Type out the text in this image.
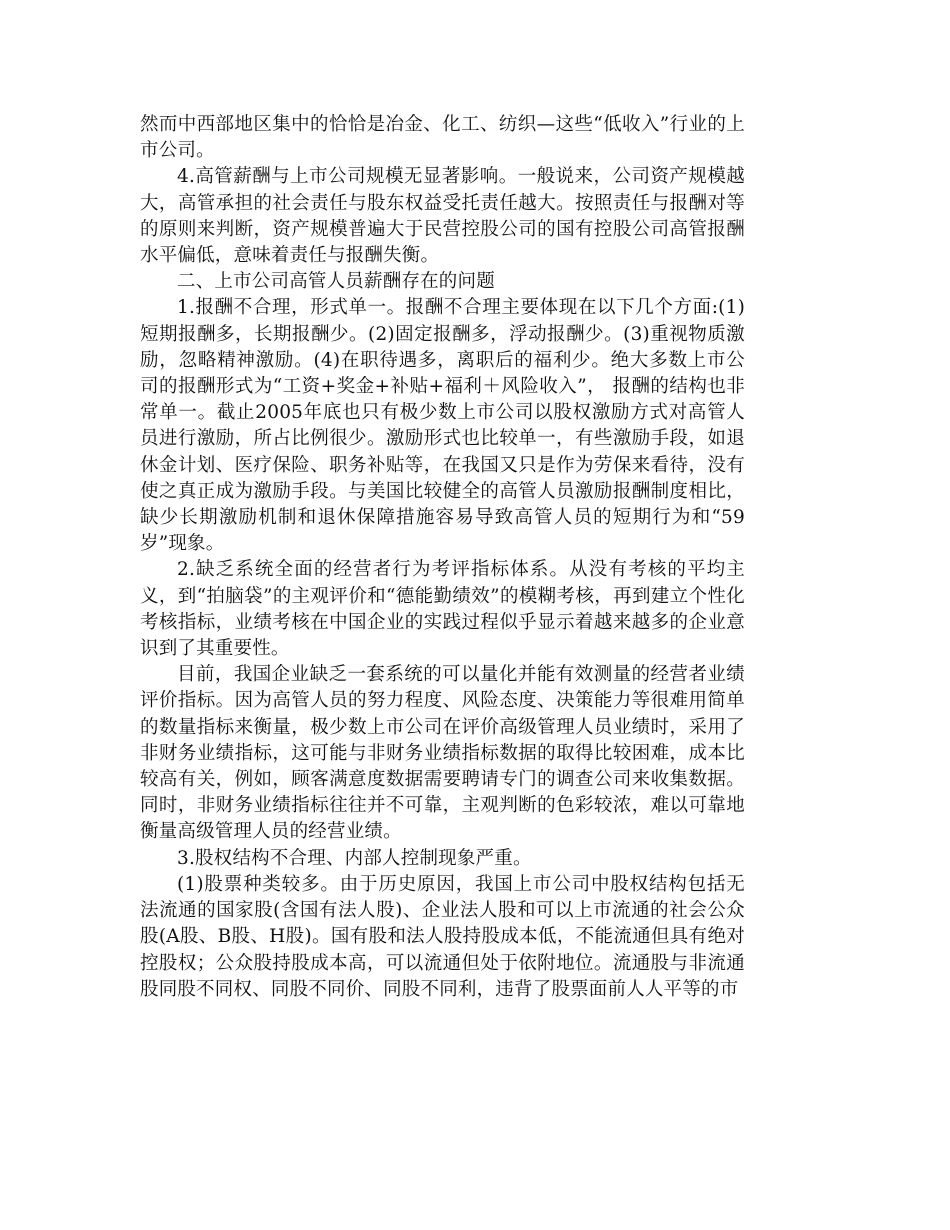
然而中西部地区集中的恰恰是冶金、化工、纺织—这些“低收入”行业的上市公司。

4.高管薪酬与上市公司规模无显著影响。一般说来，公司资产规模越大，高管承担的社会责任与股东权益受托责任越大。按照责任与报酬对等的原则来判断，资产规模普遍大于民营控股公司的国有控股公司高管报酬水平偏低，意味着责任与报酬失衡。

二、上市公司高管人员薪酬存在的问题

1.报酬不合理，形式单一。报酬不合理主要体现在以下几个方面:(1)短期报酬多，长期报酬少。(2)固定报酬多，浮动报酬少。(3)重视物质激励，忽略精神激励。(4)在职待遇多，离职后的福利少。绝大多数上市公司的报酬形式为“工资+奖金+补贴+福利＋风险收入”， 报酬的结构也非常单一。截止2005年底也只有极少数上市公司以股权激励方式对高管人员进行激励，所占比例很少。激励形式也比较单一，有些激励手段，如退休金计划、医疗保险、职务补贴等，在我国又只是作为劳保来看待，没有使之真正成为激励手段。与美国比较健全的高管人员激励报酬制度相比，缺少长期激励机制和退休保障措施容易导致高管人员的短期行为和“59岁”现象。

2.缺乏系统全面的经营者行为考评指标体系。从没有考核的平均主义，到“拍脑袋”的主观评价和“德能勤绩效”的模糊考核，再到建立个性化考核指标，业绩考核在中国企业的实践过程似乎显示着越来越多的企业意识到了其重要性。

目前，我国企业缺乏一套系统的可以量化并能有效测量的经营者业绩评价指标。因为高管人员的努力程度、风险态度、决策能力等很难用简单的数量指标来衡量，极少数上市公司在评价高级管理人员业绩时，采用了非财务业绩指标，这可能与非财务业绩指标数据的取得比较困难，成本比较高有关，例如，顾客满意度数据需要聘请专门的调查公司来收集数据。同时，非财务业绩指标往往并不可靠，主观判断的色彩较浓，难以可靠地衡量高级管理人员的经营业绩。

3.股权结构不合理、内部人控制现象严重。

(1)股票种类较多。由于历史原因，我国上市公司中股权结构包括无法流通的国家股(含国有法人股)、企业法人股和可以上市流通的社会公众股(A股、B股、H股)。国有股和法人股持股成本低，不能流通但具有绝对控股权；公众股持股成本高，可以流通但处于依附地位。流通股与非流通股同股不同权、同股不同价、同股不同利，违背了股票面前人人平等的市
